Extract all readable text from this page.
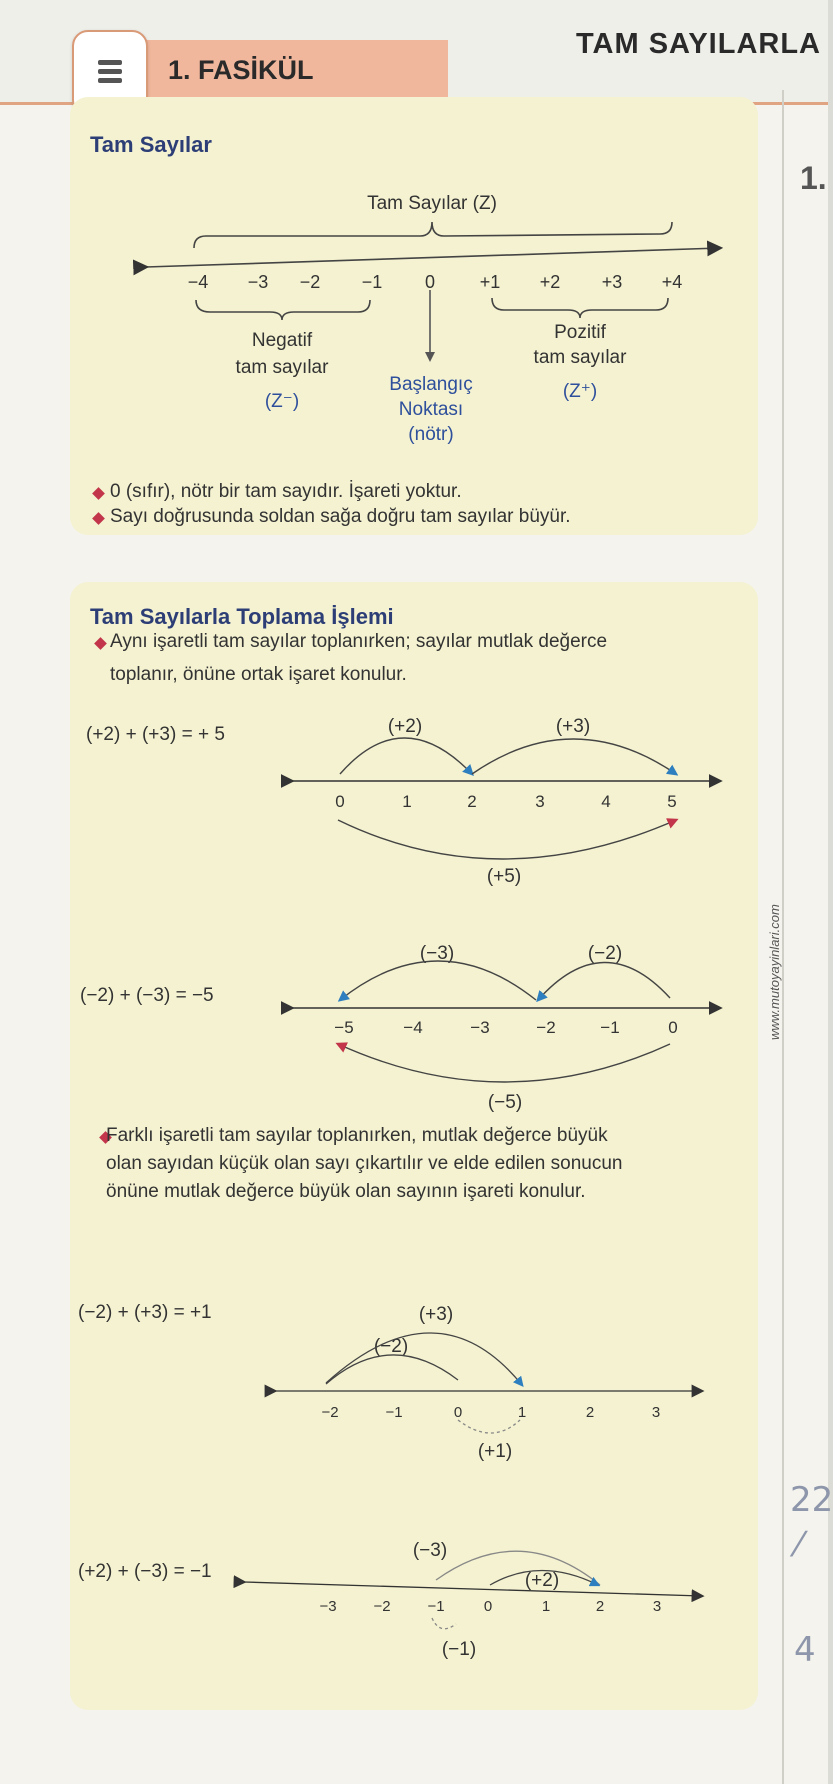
1. FASİKÜL
TAM SAYILARLA
1.
www.mutoyayinlari.com
22
⁄
4
Tam Sayılar
Tam Sayılar (Z)
−4 −3 −2 −1 0 +1 +2 +3 +4
Negatif
tam sayılar
(Z⁻)
Başlangıç
Noktası
(nötr)
Pozitif
tam sayılar
(Z⁺)
0 (sıfır), nötr bir tam sayıdır. İşareti yoktur.
Sayı doğrusunda soldan sağa doğru tam sayılar büyür.
Tam Sayılarla Toplama İşlemi
Aynı işaretli tam sayılar toplanırken; sayılar mutlak değerce
toplanır, önüne ortak işaret konulur.
(+2) + (+3) = + 5	(+2)	(+3)
(+5)
0	1	2	3	4	5
(−2) + (−3) = −5
(−3)	(−2)
(−5)
−5	−4	−3	−2	−1	0
Farklı işaretli tam sayılar toplanırken, mutlak değerce büyük
olan sayıdan küçük olan sayı çıkartılır ve elde edilen sonucun
önüne mutlak değerce büyük olan sayının işareti konulur.
(−2) + (+3) = +1	(+3)
(−2)
(+1)
−2	−1	0	1	2	3
(+2) + (−3) = −1
(−3)
(+2)
(−1)
−3 −2 −1	0	1	2	3
